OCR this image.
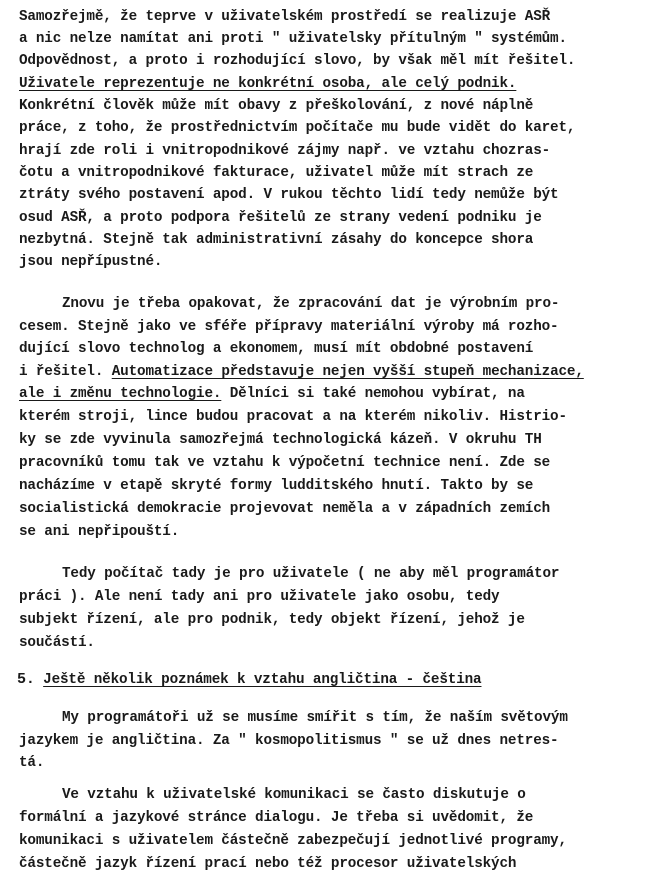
Samozřejmě, že teprve v uživatelském prostředí se realizuje ASŘ
a nic nelze namítat ani proti " uživatelsky přítulným " systémům.
Odpovědnost, a proto i rozhodující slovo, by však měl mít řešitel.
Uživatele reprezentuje ne konkrétní osoba, ale celý podnik.
Konkrétní člověk může mít obavy z přeškolování, z nové náplně
práce, z toho, že prostřednictvím počítače mu bude vidět do karet,
hrají zde roli i vnitropodnikové zájmy např. ve vztahu chozras-
čotu a vnitropodnikové fakturace, uživatel může mít strach ze
ztráty svého postavení apod. V rukou těchto lidí tedy nemůže být
osud ASŘ, a proto podpora řešitelů ze strany vedení podniku je
nezbytná. Stejně tak administrativní zásahy do koncepce shora
jsou nepřípustné.
Znovu je třeba opakovat, že zpracování dat je výrobním pro-
cesem. Stejně jako ve sféře přípravy materiální výroby má rozho-
dující slovo technolog a ekonomem, musí mít obdobné postavení
i řešitel. Automatizace představuje nejen vyšší stupeň mechanizace,
ale i změnu technologie. Dělníci si také nemohou vybírat, na
kterém stroji, lince budou pracovat a na kterém nikoliv. Histrio-
ky se zde vyvinula samozřejmá technologická kázeň. V okruhu TH
pracovníků tomu tak ve vztahu k výpočetní technice není. Zde se
nacházíme v etapě skryté formy ludditského hnutí. Takto by se
socialistická demokracie projevovat neměla a v západních zemích
se ani nepřipouští.
Tedy počítač tady je pro uživatele ( ne aby měl programátor
práci ). Ale není tady ani pro uživatele jako osobu, tedy
subjekt řízení, ale pro podnik, tedy objekt řízení, jehož je
součástí.
5. Ještě několik poznámek k vztahu angličtina - čeština
My programátoři už se musíme smířit s tím, že naším světovým
jazykem je angličtina. Za " kosmopolitismus " se už dnes netres-
tá.
Ve vztahu k uživatelské komunikaci se často diskutuje o
formální a jazykové stránce dialogu. Je třeba si uvědomit, že
komunikaci s uživatelem částečně zabezpečují jednotlivé programy,
částečně jazyk řízení prací nebo též procesor uživatelských
